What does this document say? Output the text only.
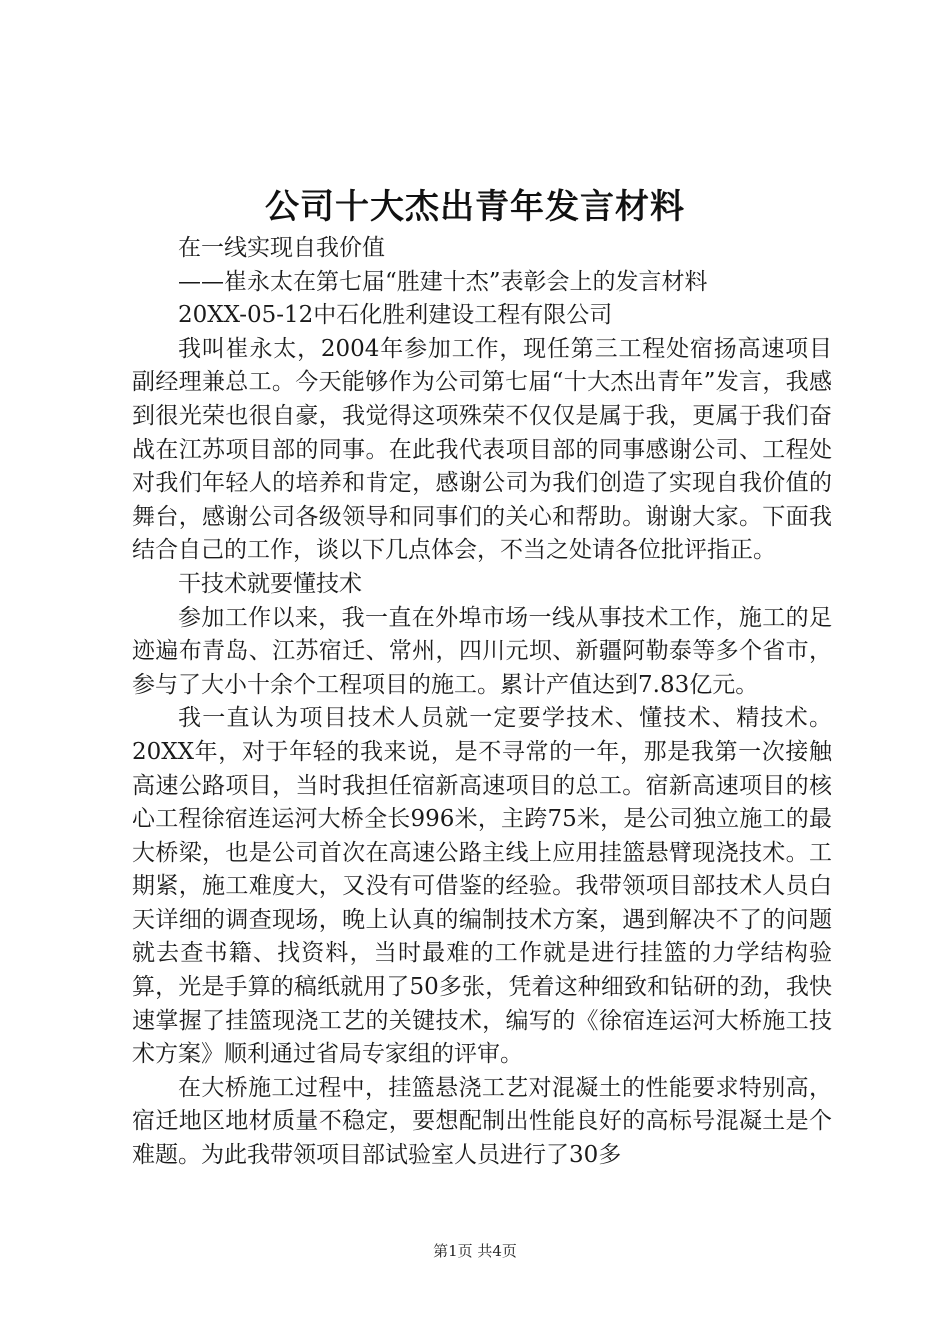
公司十大杰出青年发言材料

在一线实现自我价值

——崔永太在第七届“胜建十杰”表彰会上的发言材料

20XX-05-12中石化胜利建设工程有限公司

我叫崔永太，2004年参加工作，现任第三工程处宿扬高速项目副经理兼总工。今天能够作为公司第七届“十大杰出青年”发言，我感到很光荣也很自豪，我觉得这项殊荣不仅仅是属于我，更属于我们奋战在江苏项目部的同事。在此我代表项目部的同事感谢公司、工程处对我们年轻人的培养和肯定，感谢公司为我们创造了实现自我价值的舞台，感谢公司各级领导和同事们的关心和帮助。谢谢大家。下面我结合自己的工作，谈以下几点体会，不当之处请各位批评指正。

干技术就要懂技术

参加工作以来，我一直在外埠市场一线从事技术工作，施工的足迹遍布青岛、江苏宿迁、常州，四川元坝、新疆阿勒泰等多个省市，参与了大小十余个工程项目的施工。累计产值达到7.83亿元。

我一直认为项目技术人员就一定要学技术、懂技术、精技术。20XX年，对于年轻的我来说，是不寻常的一年，那是我第一次接触高速公路项目，当时我担任宿新高速项目的总工。宿新高速项目的核心工程徐宿连运河大桥全长996米，主跨75米，是公司独立施工的最大桥梁，也是公司首次在高速公路主线上应用挂篮悬臂现浇技术。工期紧，施工难度大，又没有可借鉴的经验。我带领项目部技术人员白天详细的调查现场，晚上认真的编制技术方案，遇到解决不了的问题就去查书籍、找资料，当时最难的工作就是进行挂篮的力学结构验算，光是手算的稿纸就用了50多张，凭着这种细致和钻研的劲，我快速掌握了挂篮现浇工艺的关键技术，编写的《徐宿连运河大桥施工技术方案》顺利通过省局专家组的评审。

在大桥施工过程中，挂篮悬浇工艺对混凝土的性能要求特别高，宿迁地区地材质量不稳定，要想配制出性能良好的高标号混凝土是个难题。为此我带领项目部试验室人员进行了30多

第1页 共4页
